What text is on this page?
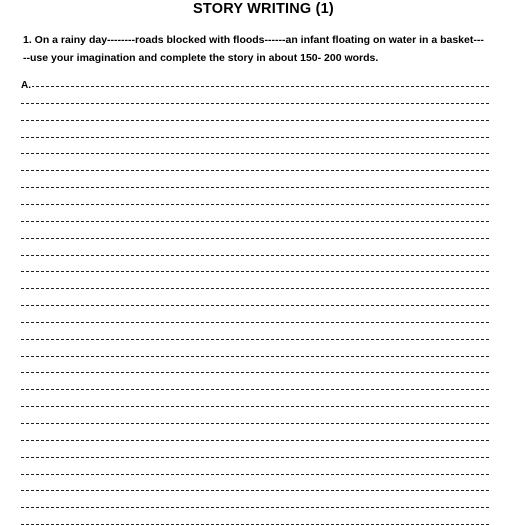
STORY WRITING (1)
1. On a rainy day--------roads blocked with floods------an infant floating on water in a basket---
--use your imagination and complete the story in about 150- 200 words.
A.
